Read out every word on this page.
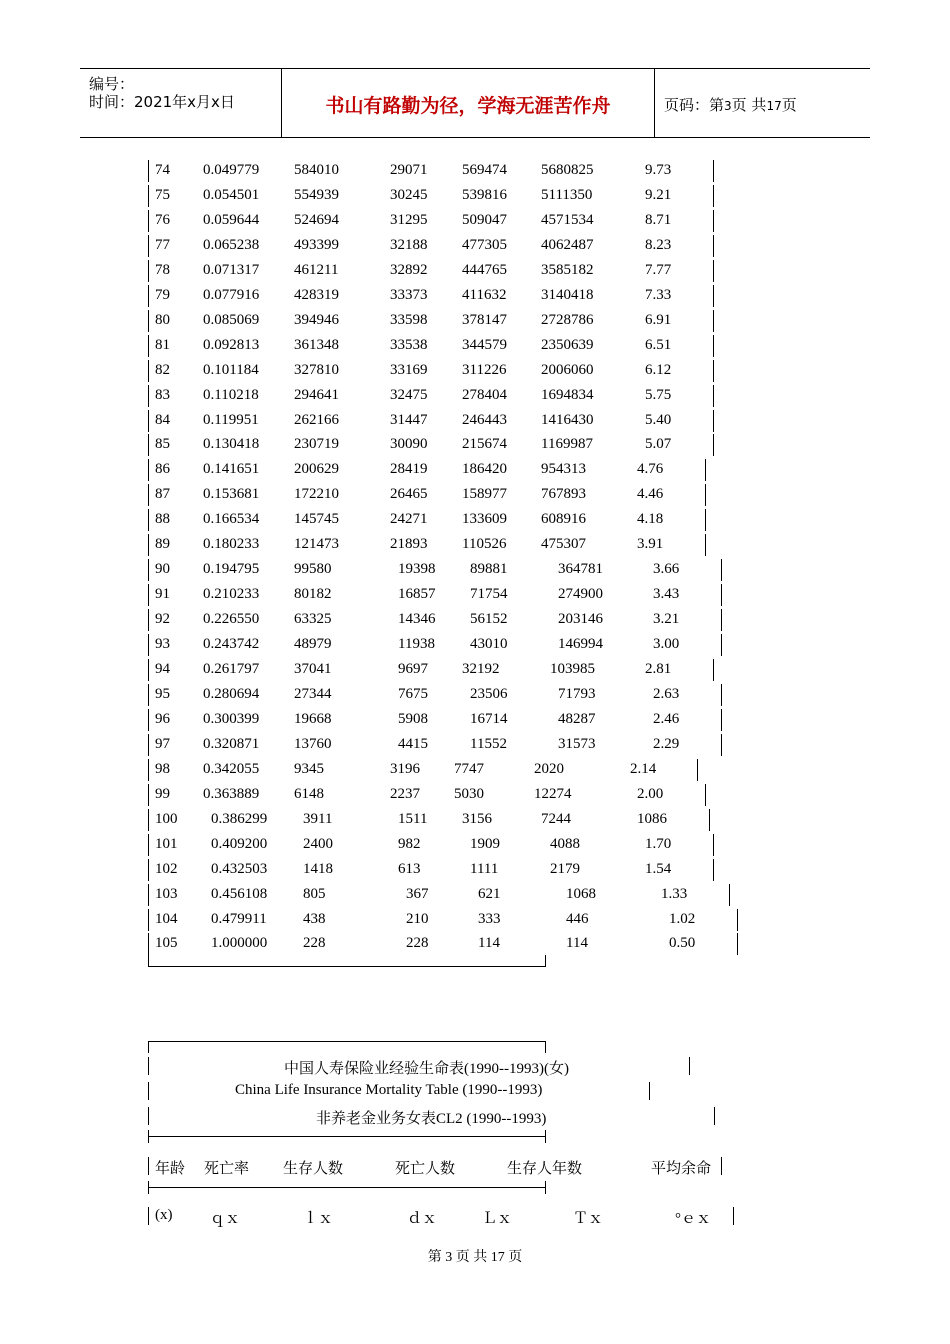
编号：
时间：2021年x月x日	书山有路勤为径，学海无涯苦作舟	页码：第3页 共17页
74 0.049779 584010	29071 569474 5680825	9.73
75 0.054501 554939	30245 539816 5111350	9.21
76 0.059644 524694	31295 509047 4571534	8.71
77 0.065238 493399	32188 477305 4062487	8.23
78 0.071317 461211	32892 444765 3585182	7.77
79 0.077916 428319	33373 411632 3140418	7.33
80 0.085069 394946	33598 378147 2728786	6.91
81 0.092813 361348	33538 344579 2350639	6.51
82 0.101184 327810	33169 311226 2006060	6.12
83 0.110218 294641	32475 278404 1694834	5.75
84 0.119951 262166	31447 246443 1416430	5.40
85 0.130418 230719	30090 215674 1169987	5.07
86 0.141651 200629	28419 186420 954313	4.76
87 0.153681 172210	26465 158977 767893	4.46
88 0.166534 145745	24271 133609 608916	4.18
89 0.180233 121473	21893 110526 475307	3.91
90 0.194795 99580	19398 89881	364781	3.66
91 0.210233 80182	16857 71754	274900	3.43
92 0.226550 63325	14346 56152	203146	3.21
93 0.243742 48979	11938 43010	146994	3.00
94 0.261797 37041	9697 32192	103985	2.81
95 0.280694 27344	7675	23506	71793	2.63
96 0.300399 19668	5908	16714	48287	2.46
97 0.320871 13760	4415	11552	31573	2.29
98 0.342055 9345	3196 7747	2020	2.14
99 0.363889 6148	2237 5030	12274	2.00
100 0.386299 3911	1511 3156	7244	1086
101 0.409200 2400	982	1909	4088	1.70
102 0.432503 1418	613	1111	2179	1.54
103 0.456108 805	367	621	1068	1.33
104 0.479911 438	210	333	446	1.02
105 1.000000 228	228	114	114	0.50
中国人寿保险业经验生命表(1990--1993)(女)
China Life Insurance Mortality Table (1990--1993)
非养老金业务女表CL2 (1990--1993)
年龄 死亡率 生存人数	死亡人数	生存人年数	平均余命
(x)	ｑｘ	ｌｘ	ｄｘ	Ｌｘ	Ｔｘ	°ｅｘ
第 3 页 共 17 页
